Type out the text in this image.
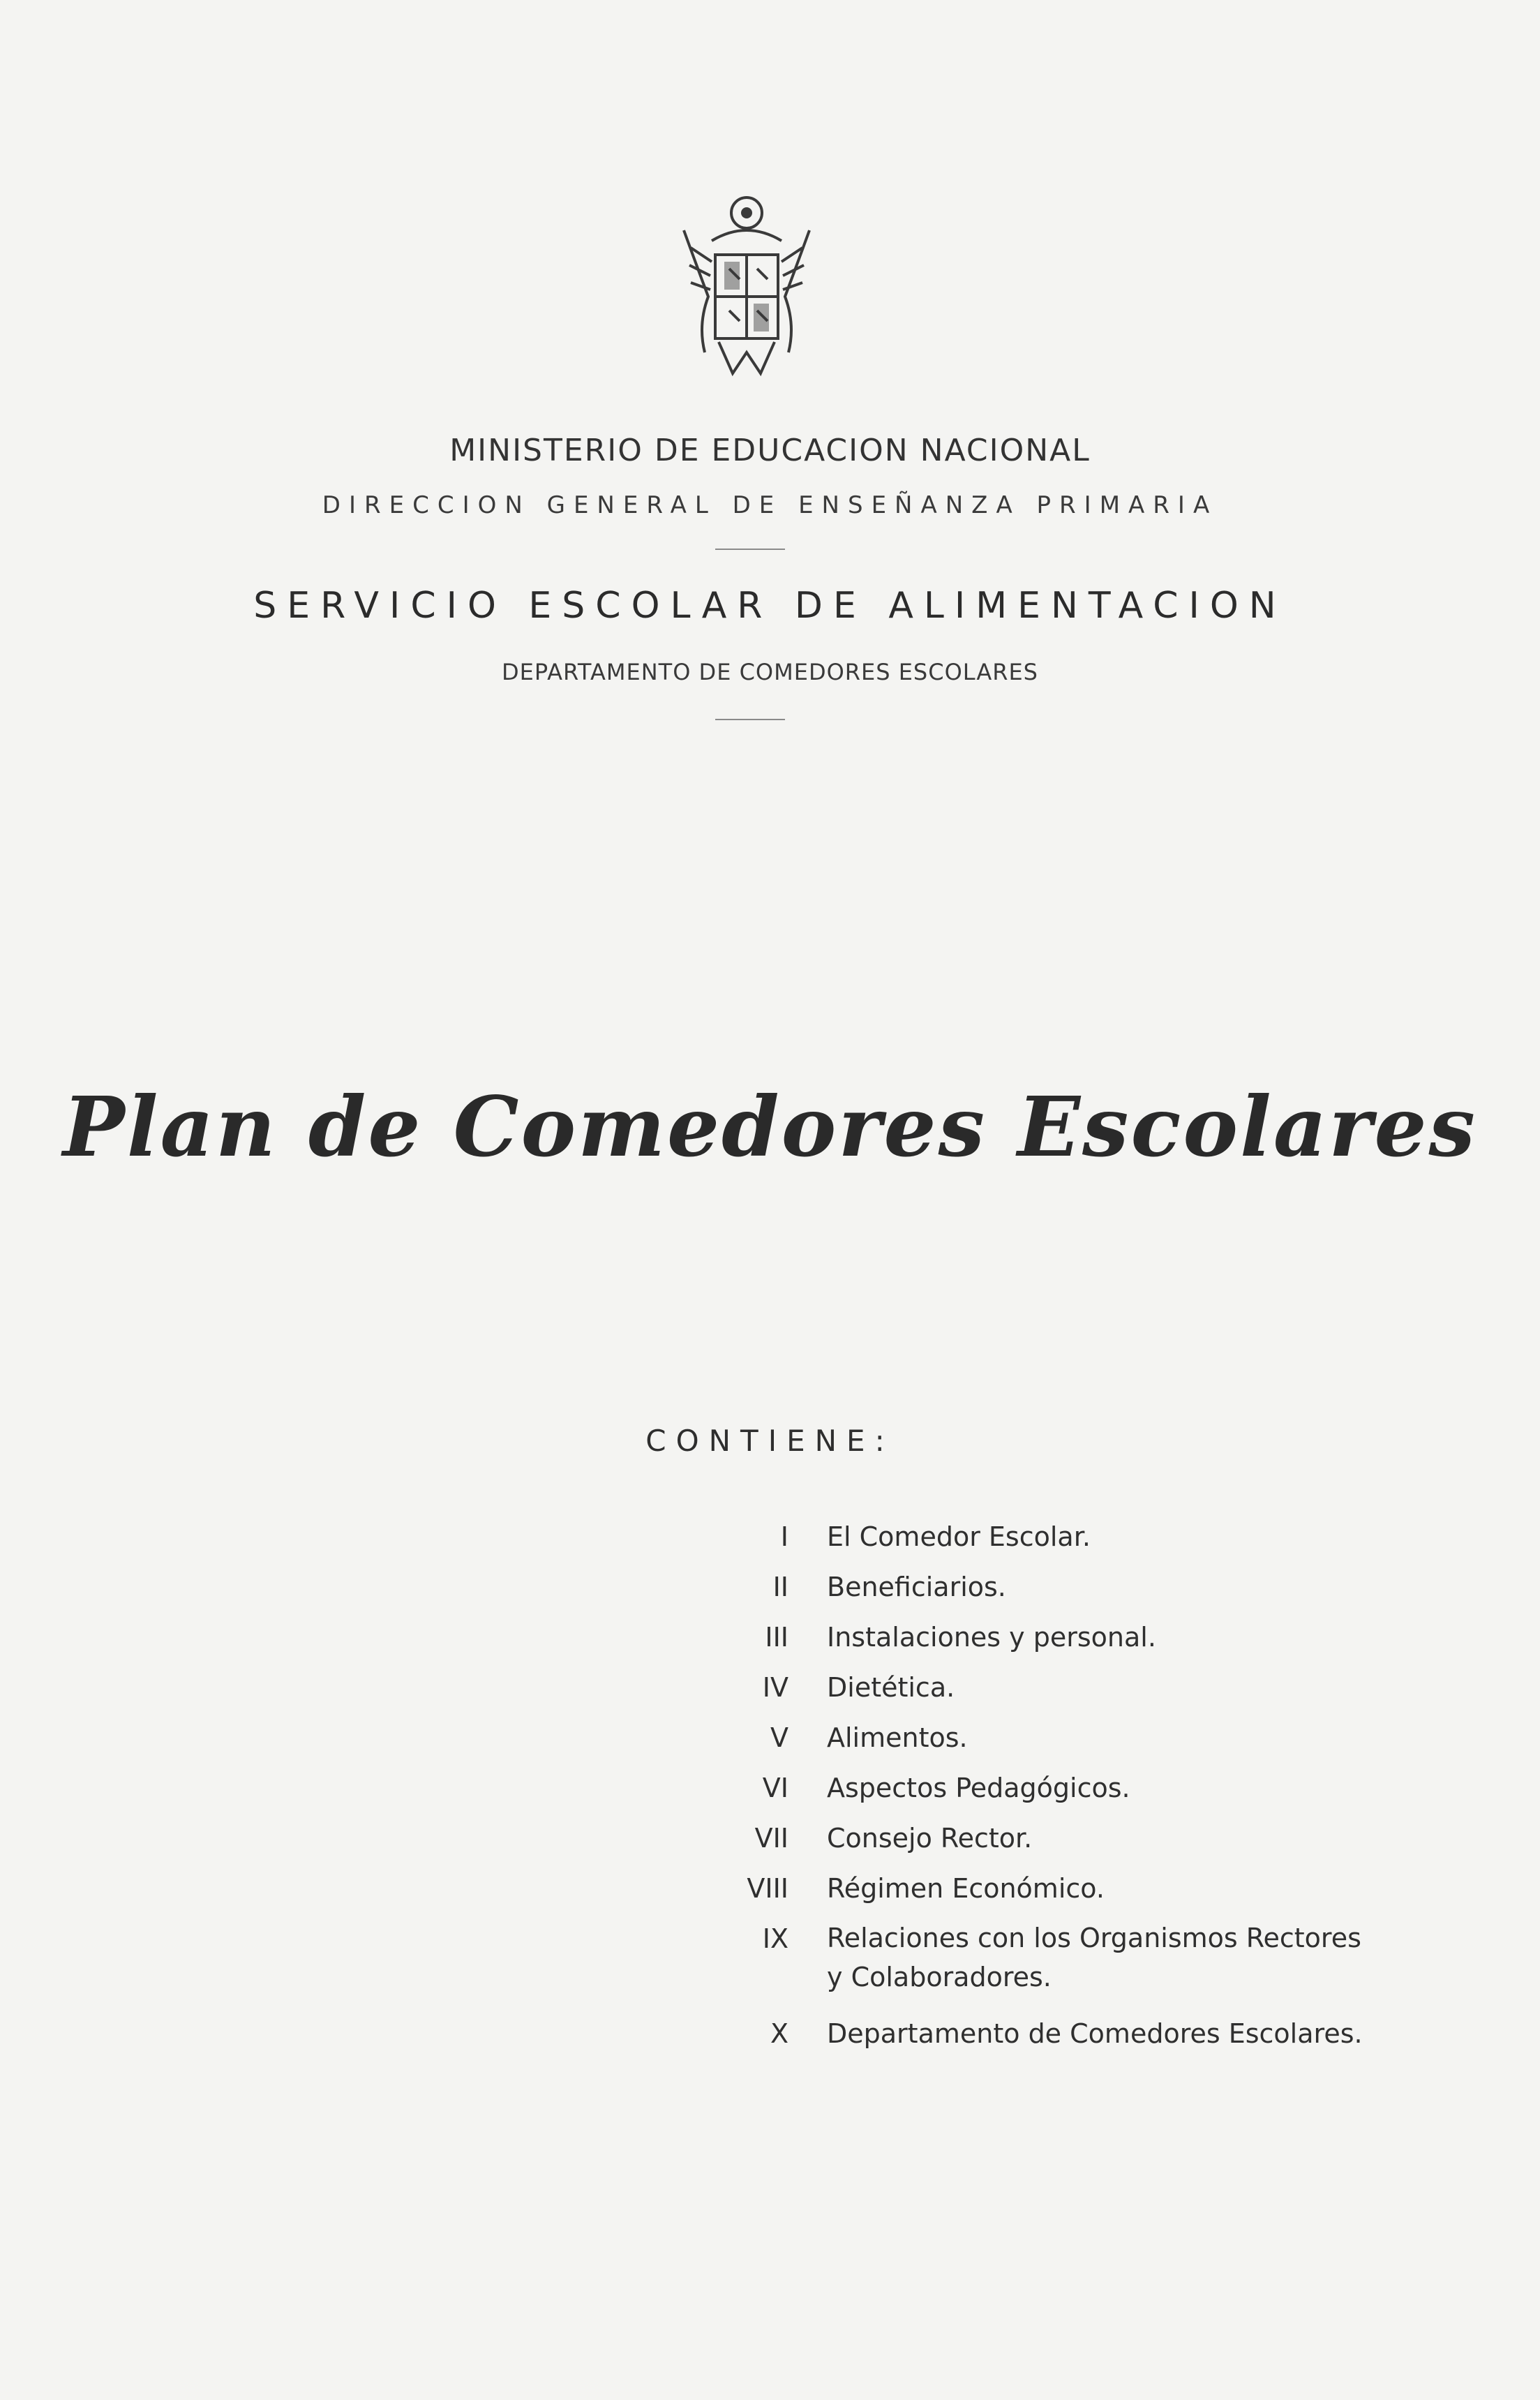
MINISTERIO DE EDUCACION NACIONAL
DIRECCION GENERAL DE ENSEÑANZA PRIMARIA
SERVICIO ESCOLAR DE ALIMENTACION
DEPARTAMENTO DE COMEDORES ESCOLARES
Plan de Comedores Escolares
CONTIENE:
I El Comedor Escolar.
II Beneficiarios.
III Instalaciones y personal.
IV Dietética.
V Alimentos.
VI Aspectos Pedagógicos.
VII Consejo Rector.
VIII Régimen Económico.
IX Relaciones con los Organismos Rectores
y Colaboradores.
X Departamento de Comedores Escolares.
